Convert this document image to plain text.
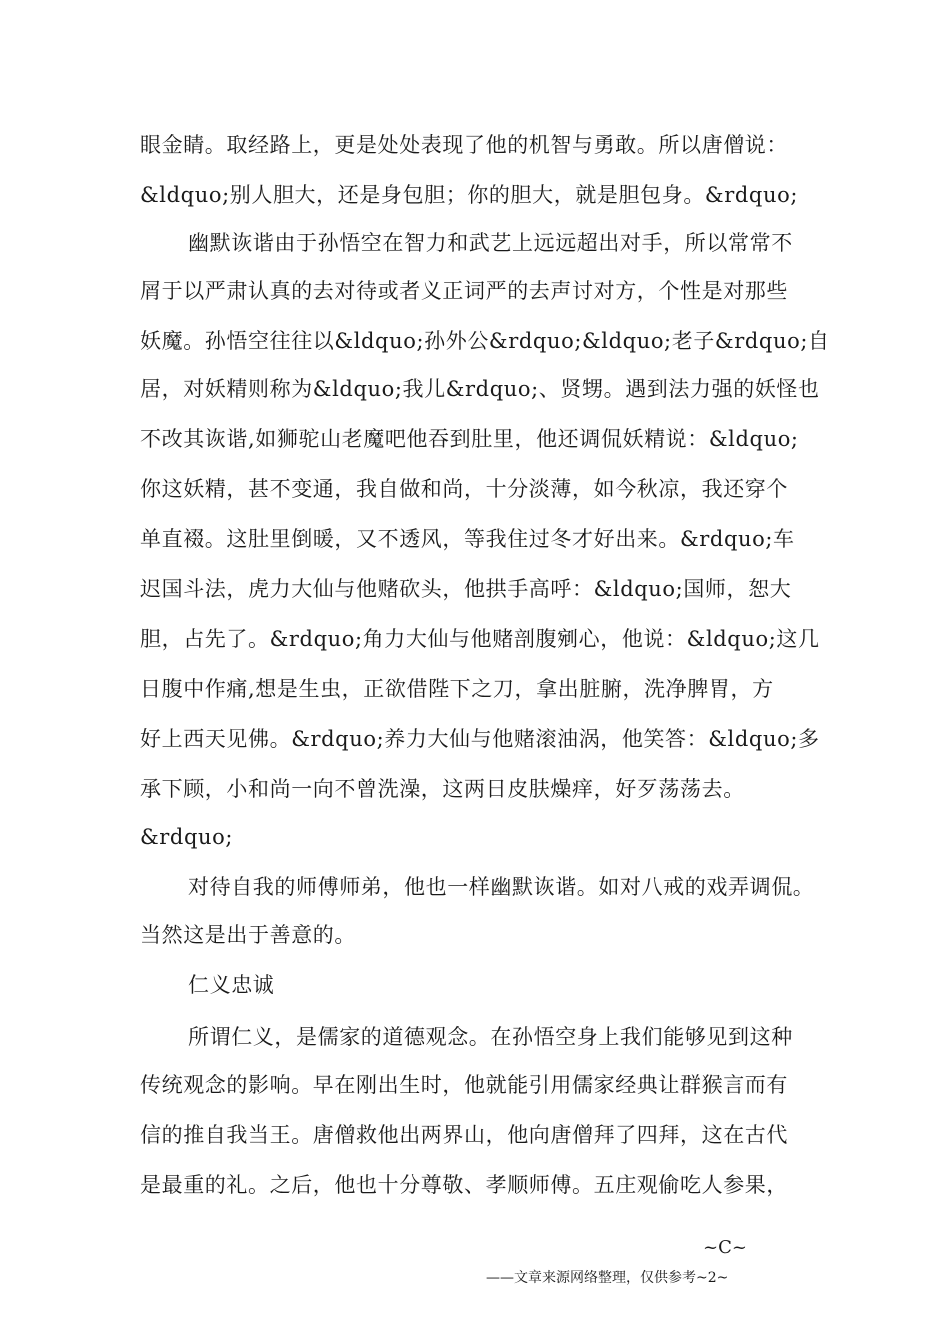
眼金睛。取经路上，更是处处表现了他的机智与勇敢。所以唐僧说：
&ldquo;别人胆大，还是身包胆；你的胆大，就是胆包身。&rdquo;
幽默诙谐由于孙悟空在智力和武艺上远远超出对手，所以常常不
屑于以严肃认真的去对待或者义正词严的去声讨对方，个性是对那些
妖魔。孙悟空往往以&ldquo;孙外公&rdquo;&ldquo;老子&rdquo;自
居，对妖精则称为&ldquo;我儿&rdquo;、贤甥。遇到法力强的妖怪也
不改其诙谐,如狮驼山老魔吧他吞到肚里，他还调侃妖精说：&ldquo;
你这妖精，甚不变通，我自做和尚，十分淡薄，如今秋凉，我还穿个
单直裰。这肚里倒暖，又不透风，等我住过冬才好出来。&rdquo;车
迟国斗法，虎力大仙与他赌砍头，他拱手高呼：&ldquo;国师，恕大
胆，占先了。&rdquo;角力大仙与他赌剖腹剜心，他说：&ldquo;这几
日腹中作痛,想是生虫，正欲借陛下之刀，拿出脏腑，洗净脾胃，方
好上西天见佛。&rdquo;养力大仙与他赌滚油涡，他笑答：&ldquo;多
承下顾，小和尚一向不曾洗澡，这两日皮肤燥痒，好歹荡荡去。
&rdquo;
对待自我的师傅师弟，他也一样幽默诙谐。如对八戒的戏弄调侃。
当然这是出于善意的。
仁义忠诚
所谓仁义，是儒家的道德观念。在孙悟空身上我们能够见到这种
传统观念的影响。早在刚出生时，他就能引用儒家经典让群猴言而有
信的推自我当王。唐僧救他出两界山，他向唐僧拜了四拜，这在古代
是最重的礼。之后，他也十分尊敬、孝顺师傅。五庄观偷吃人参果，
~C~
——文章来源网络整理，仅供参考~2~
